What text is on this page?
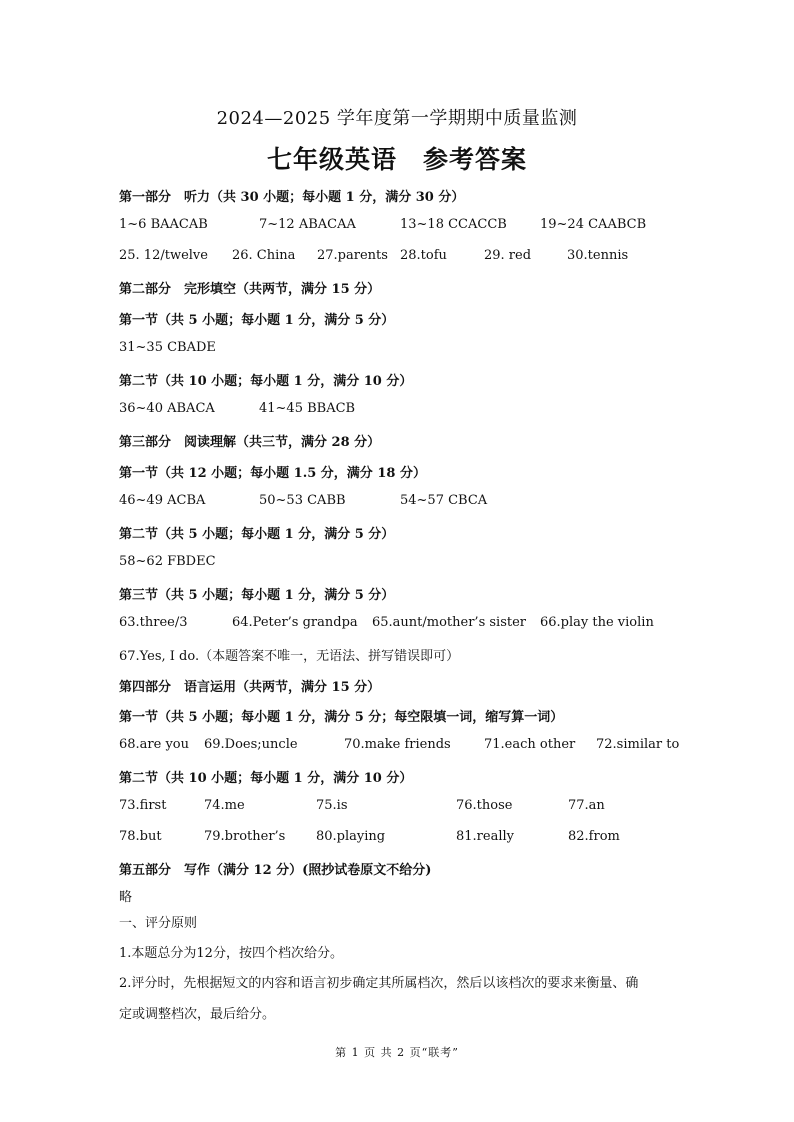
2024—2025 学年度第一学期期中质量监测
七年级英语 参考答案
第一部分　听力（共 30 小题；每小题 1 分，满分 30 分）
1~6 BAACAB	7~12 ABACAA	13~18 CCACCB	19~24 CAABCB
25. 12/twelve 26. China 27.parents 28.tofu	29. red	30.tennis
第二部分　完形填空（共两节，满分 15 分）
第一节（共 5 小题；每小题 1 分，满分 5 分）
31~35 CBADE
第二节（共 10 小题；每小题 1 分，满分 10 分）
36~40 ABACA	41~45 BBACB
第三部分　阅读理解（共三节，满分 28 分）
第一节（共 12 小题；每小题 1.5 分，满分 18 分）
46~49 ACBA	50~53 CABB	54~57 CBCA
第二节（共 5 小题；每小题 1 分，满分 5 分）
58~62 FBDEC
第三节（共 5 小题；每小题 1 分，满分 5 分）
63.three/3	64.Peter’s grandpa 65.aunt/mother’s sister 66.play the violin
67.Yes, I do.（本题答案不唯一，无语法、拼写错误即可）
第四部分　语言运用（共两节，满分 15 分）
第一节（共 5 小题；每小题 1 分，满分 5 分；每空限填一词，缩写算一词）
68.are you 69.Does;uncle	70.make friends	71.each other 72.similar to
第二节（共 10 小题；每小题 1 分，满分 10 分）
73.first	74.me	75.is	76.those	77.an
78.but	79.brother’s 80.playing	81.really	82.from
第五部分　写作（满分 12 分）(照抄试卷原文不给分)
略
一、评分原则
1.本题总分为12分，按四个档次给分。
2.评分时，先根据短文的内容和语言初步确定其所属档次，然后以该档次的要求来衡量、确
定或调整档次，最后给分。
第 1 页 共 2 页“联考”
